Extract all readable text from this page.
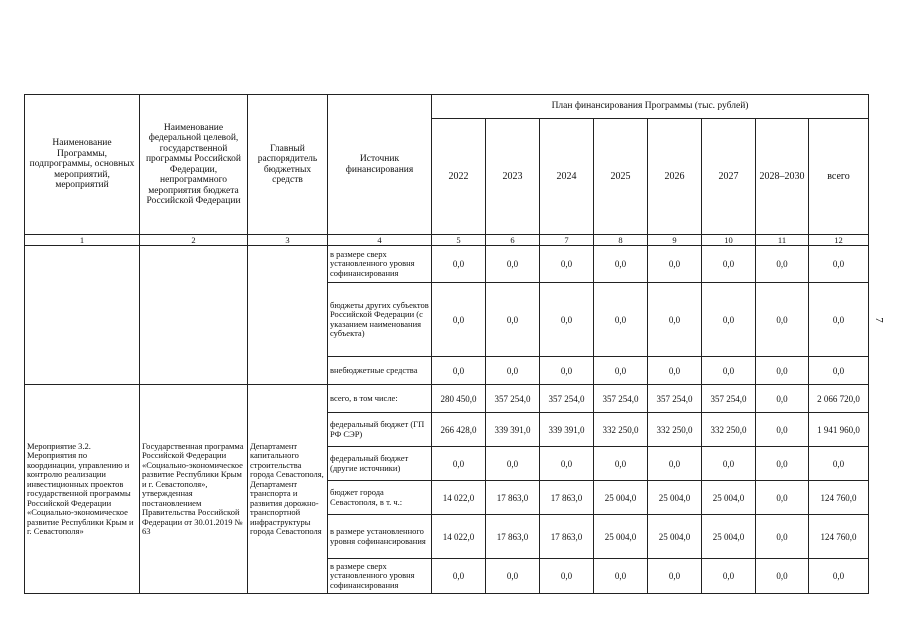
Наименование Программы, подпрограммы, основных мероприятий, мероприятий	Наименование федеральной целевой, государственной программы Российской Федерации, непрограммного мероприятия бюджета Российской Федерации	Главный распорядитель бюджетных средств	Источник финансирования	План финансирования Программы (тыс. рублей)							
				2022	2023	2024	2025	2026	2027	2028–2030	всего
1	2	3	4	5	6	7	8	9	10	11	12
			в размере сверх установленного уровня софинансирования	0,0	0,0	0,0	0,0	0,0	0,0	0,0	0,0
			бюджеты других субъектов Российской Федерации (с указанием наименования субъекта)	0,0	0,0	0,0	0,0	0,0	0,0	0,0	0,0
			внебюджетные средства	0,0	0,0	0,0	0,0	0,0	0,0	0,0	0,0
Мероприятие 3.2. Мероприятия по координации, управлению и контролю реализации инвестиционных проектов государственной программы Российской Федерации «Социально-экономическое развитие Республики Крым и г. Севастополя»	Государственная программа Российской Федерации «Социально-экономическое развитие Республики Крым и г. Севастополя», утвержденная постановлением Правительства Российской Федерации от 30.01.2019 № 63	Департамент капитального строительства города Севастополя, Департамент транспорта и развития дорожно-транспортной инфраструктуры города Севастополя	всего, в том числе:	280 450,0	357 254,0	357 254,0	357 254,0	357 254,0	357 254,0	0,0	2 066 720,0
			федеральный бюджет (ГП РФ СЭР)	266 428,0	339 391,0	339 391,0	332 250,0	332 250,0	332 250,0	0,0	1 941 960,0
			федеральный бюджет (другие источники)	0,0	0,0	0,0	0,0	0,0	0,0	0,0	0,0
			бюджет города Севастополя, в т. ч.:	14 022,0	17 863,0	17 863,0	25 004,0	25 004,0	25 004,0	0,0	124 760,0
			в размере установленного уровня софинансирования	14 022,0	17 863,0	17 863,0	25 004,0	25 004,0	25 004,0	0,0	124 760,0
			в размере сверх установленного уровня софинансирования	0,0	0,0	0,0	0,0	0,0	0,0	0,0	0,0
7
